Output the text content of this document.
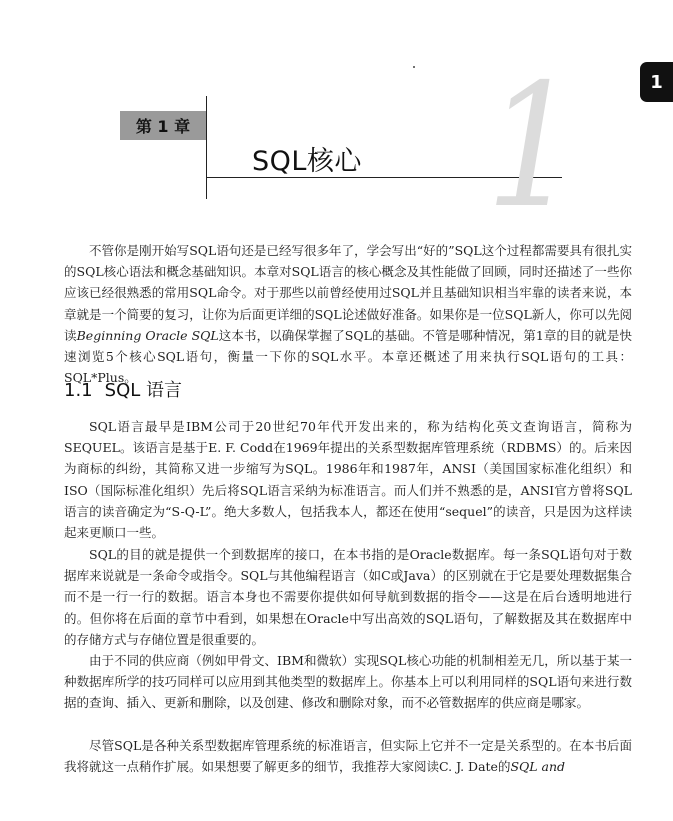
1
第 1 章 1
SQL核心

不管你是刚开始写SQL语句还是已经写很多年了，学会写出“好的”SQL这个过程都需要具有很扎实的SQL核心语法和概念基础知识。本章对SQL语言的核心概念及其性能做了回顾，同时还描述了一些你应该已经很熟悉的常用SQL命令。对于那些以前曾经使用过SQL并且基础知识相当牢靠的读者来说，本章就是一个简要的复习，让你为后面更详细的SQL论述做好准备。如果你是一位SQL新人，你可以先阅读Beginning Oracle SQL这本书，以确保掌握了SQL的基础。不管是哪种情况，第1章的目的就是快速浏览5个核心SQL语句，衡量一下你的SQL水平。本章还概述了用来执行SQL语句的工具：SQL*Plus。

1.1 SQL 语言

SQL语言最早是IBM公司于20世纪70年代开发出来的，称为结构化英文查询语言，简称为SEQUEL。该语言是基于E. F. Codd在1969年提出的关系型数据库管理系统（RDBMS）的。后来因为商标的纠纷，其简称又进一步缩写为SQL。1986年和1987年，ANSI（美国国家标准化组织）和ISO（国际标准化组织）先后将SQL语言采纳为标准语言。而人们并不熟悉的是，ANSI官方曾将SQL语言的读音确定为“S-Q-L”。绝大多数人，包括我本人，都还在使用“sequel”的读音，只是因为这样读起来更顺口一些。

SQL的目的就是提供一个到数据库的接口，在本书指的是Oracle数据库。每一条SQL语句对于数据库来说就是一条命令或指令。SQL与其他编程语言（如C或Java）的区别就在于它是要处理数据集合而不是一行一行的数据。语言本身也不需要你提供如何导航到数据的指令——这是在后台透明地进行的。但你将在后面的章节中看到，如果想在Oracle中写出高效的SQL语句，了解数据及其在数据库中的存储方式与存储位置是很重要的。

由于不同的供应商（例如甲骨文、IBM和微软）实现SQL核心功能的机制相差无几，所以基于某一种数据库所学的技巧同样可以应用到其他类型的数据库上。你基本上可以利用同样的SQL语句来进行数据的查询、插入、更新和删除，以及创建、修改和删除对象，而不必管数据库的供应商是哪家。

尽管SQL是各种关系型数据库管理系统的标准语言，但实际上它并不一定是关系型的。在本书后面我将就这一点稍作扩展。如果想要了解更多的细节，我推荐大家阅读C. J. Date的SQL and
